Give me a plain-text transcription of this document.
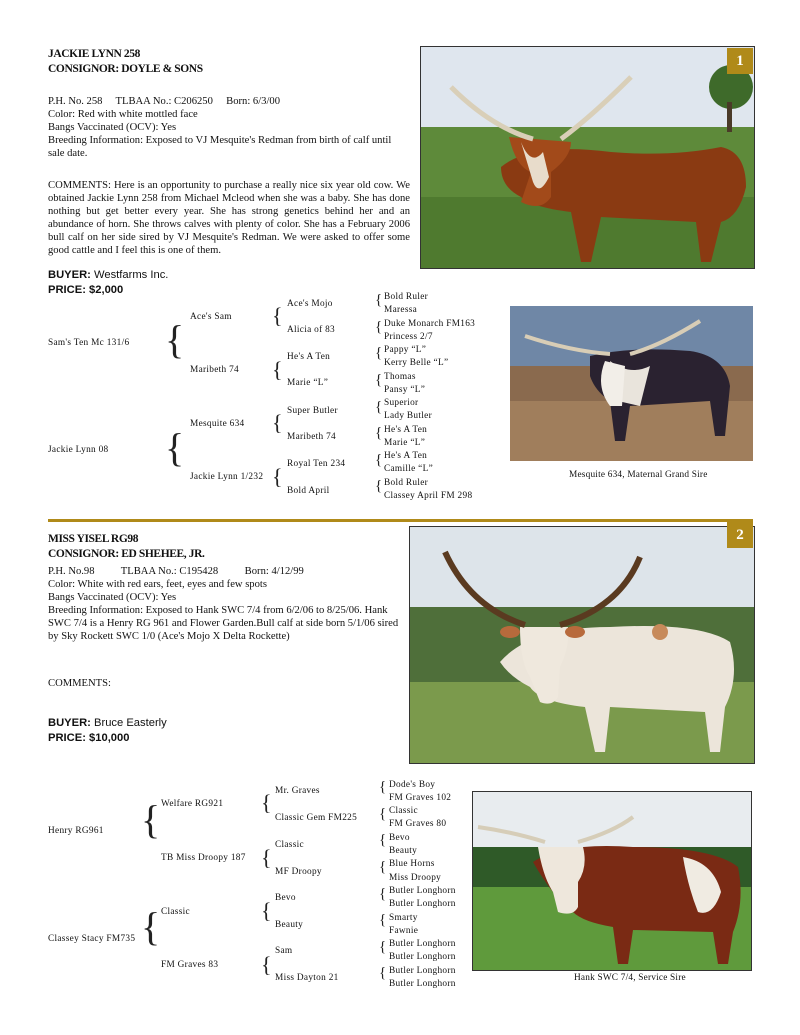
JACKIE LYNN 258
CONSIGNOR: DOYLE & SONS
P.H. No. 258     TLBAA No.: C206250     Born: 6/3/00
Color: Red with white mottled face
Bangs Vaccinated (OCV): Yes
Breeding Information: Exposed to VJ Mesquite's Redman from birth of calf until sale date.
COMMENTS: Here is an opportunity to purchase a really nice six year old cow. We obtained Jackie Lynn 258 from Michael Mcleod when she was a baby. She has done nothing but get better every year. She has strong genetics behind her and an abundance of horn. She throws calves with plenty of color. She has a February 2006 bull calf on her side sired by VJ Mesquite's Redman. We were asked to offer some good cattle and I feel this is one of them.
BUYER: Westfarms Inc.
PRICE: $2,000
1
Sam's Ten Mc 131/6
Jackie Lynn 08
{
{
Ace's Sam
Maribeth 74
Mesquite 634
Jackie Lynn 1/232
{
{
{
{
Ace's Mojo
Alicia of 83
He's A Ten
Marie “L”
Super Butler
Maribeth 74
Royal Ten 234
Bold April
{
{
{
{
{
{
{
{
Bold Ruler
Maressa
Duke Monarch FM163
Princess 2/7
Pappy “L”
Kerry Belle “L”
Thomas
Pansy “L”
Superior
Lady Butler
He's A Ten
Marie “L”
He's A Ten
Camille “L”
Bold Ruler
Classey April FM 298
Mesquite 634, Maternal Grand Sire
MISS YISEL RG98
CONSIGNOR: ED SHEHEE, JR.
P.H. No.98          TLBAA No.: C195428          Born: 4/12/99
Color: White with red ears, feet, eyes and few spots
Bangs Vaccinated (OCV): Yes
Breeding Information: Exposed to Hank SWC 7/4 from 6/2/06 to 8/25/06. Hank SWC 7/4 is a Henry RG 961 and Flower Garden.Bull calf at side born 5/1/06 sired by Sky Rockett SWC 1/0 (Ace's Mojo X Delta Rockette)
COMMENTS:
BUYER: Bruce Easterly
PRICE: $10,000
2
Henry RG961
Classey Stacy FM735
{
{
Welfare RG921
TB Miss Droopy 187
Classic
FM Graves 83
{
{
{
{
Mr. Graves
Classic Gem FM225
Classic
MF Droopy
Bevo
Beauty
Sam
Miss Dayton 21
{
{
{
{
{
{
{
{
Dode's Boy
FM Graves 102
Classic
FM Graves 80
Bevo
Beauty
Blue Horns
Miss Droopy
Butler Longhorn
Butler Longhorn
Smarty
Fawnie
Butler Longhorn
Butler Longhorn
Butler Longhorn
Butler Longhorn
Hank SWC 7/4, Service Sire
